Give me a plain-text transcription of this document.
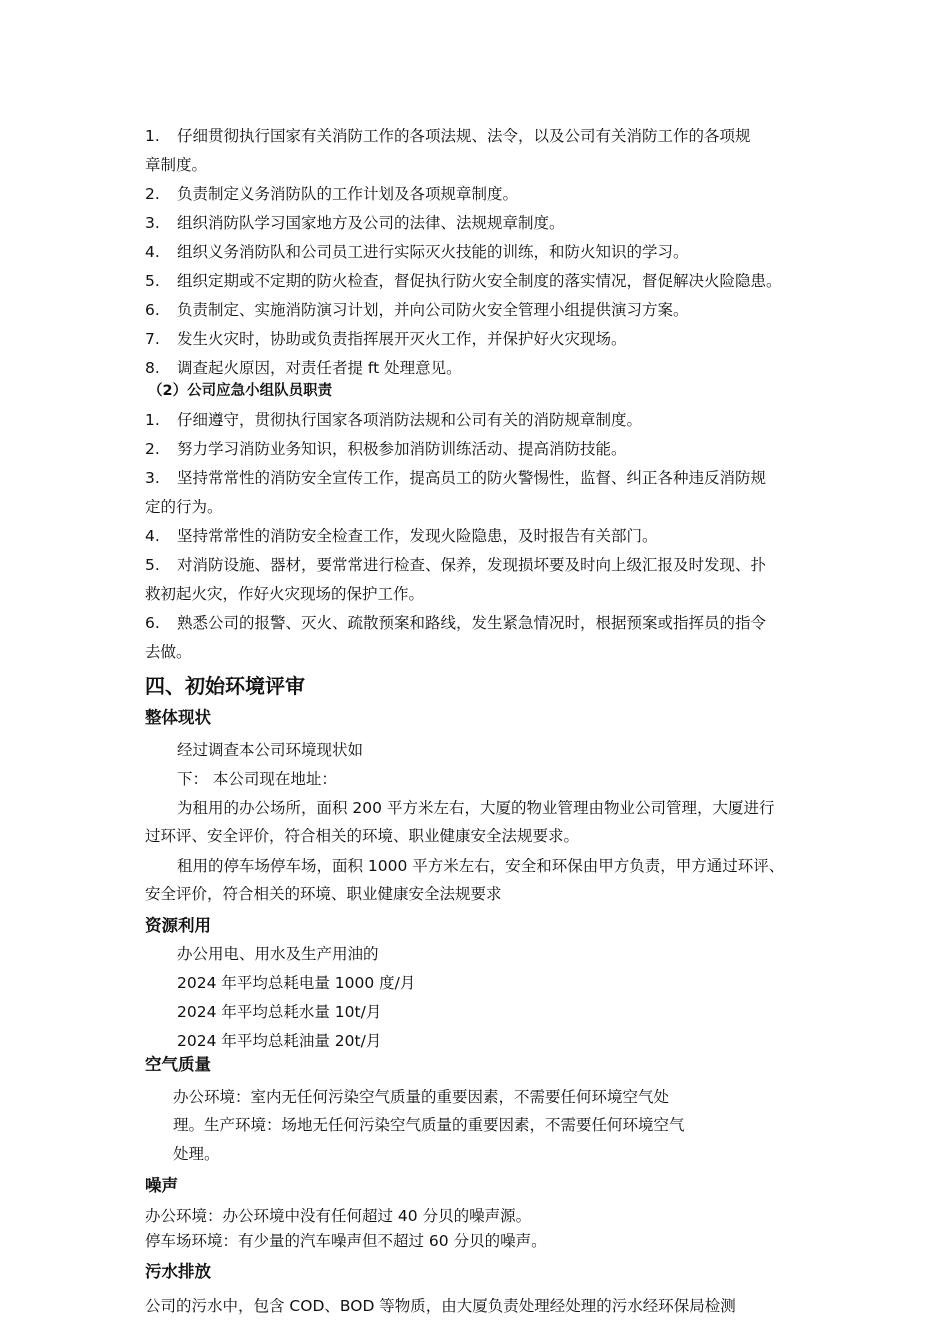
1. 仔细贯彻执行国家有关消防工作的各项法规、法令，以及公司有关消防工作的各项规
章制度。
2. 负责制定义务消防队的工作计划及各项规章制度。
3. 组织消防队学习国家地方及公司的法律、法规规章制度。
4. 组织义务消防队和公司员工进行实际灭火技能的训练，和防火知识的学习。
5. 组织定期或不定期的防火检查，督促执行防火安全制度的落实情况，督促解决火险隐患。
6. 负责制定、实施消防演习计划，并向公司防火安全管理小组提供演习方案。
7. 发生火灾时，协助或负责指挥展开灭火工作，并保护好火灾现场。
8. 调查起火原因，对责任者提 ft 处理意见。
（2）公司应急小组队员职责
1. 仔细遵守，贯彻执行国家各项消防法规和公司有关的消防规章制度。
2. 努力学习消防业务知识，积极参加消防训练活动、提高消防技能。
3. 坚持常常性的消防安全宣传工作，提高员工的防火警惕性，监督、纠正各种违反消防规
定的行为。
4. 坚持常常性的消防安全检查工作，发现火险隐患，及时报告有关部门。
5. 对消防设施、器材，要常常进行检查、保养，发现损坏要及时向上级汇报及时发现、扑
救初起火灾，作好火灾现场的保护工作。
6. 熟悉公司的报警、灭火、疏散预案和路线，发生紧急情况时，根据预案或指挥员的指令
去做。
四、初始环境评审
整体现状
经过调查本公司环境现状如
下： 本公司现在地址：
为租用的办公场所，面积 200 平方米左右，大厦的物业管理由物业公司管理，大厦进行
过环评、安全评价，符合相关的环境、职业健康安全法规要求。
租用的停车场停车场，面积 1000 平方米左右，安全和环保由甲方负责，甲方通过环评、
安全评价，符合相关的环境、职业健康安全法规要求
资源利用
办公用电、用水及生产用油的
2024 年平均总耗电量 1000 度/月
2024 年平均总耗水量 10t/月
2024 年平均总耗油量 20t/月
空气质量
办公环境：室内无任何污染空气质量的重要因素，不需要任何环境空气处
理。生产环境：场地无任何污染空气质量的重要因素，不需要任何环境空气
处理。
噪声
办公环境：办公环境中没有任何超过 40 分贝的噪声源。
停车场环境：有少量的汽车噪声但不超过 60 分贝的噪声。
污水排放
公司的污水中，包含 COD、BOD 等物质，由大厦负责处理经处理的污水经环保局检测
